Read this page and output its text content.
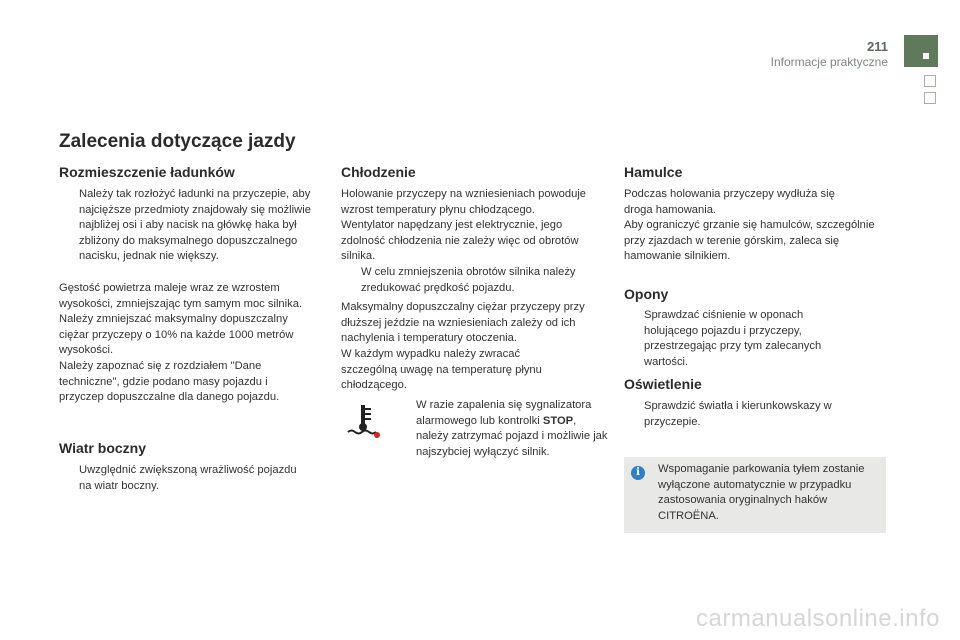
211
Informacje praktyczne
Zalecenia dotyczące jazdy
Rozmieszczenie ładunków
Należy tak rozłożyć ładunki na przyczepie, aby najcięższe przedmioty znajdowały się możliwie najbliżej osi i aby nacisk na główkę haka był zbliżony do maksymalnego dopuszczalnego nacisku, jednak nie większy.

Gęstość powietrza maleje wraz ze wzrostem wysokości, zmniejszając tym samym moc silnika. Należy zmniejszać maksymalny dopuszczalny ciężar przyczepy o 10% na każde 1000 metrów wysokości.

Należy zapoznać się z rozdziałem "Dane techniczne", gdzie podano masy pojazdu i przyczep dopuszczalne dla danego pojazdu.

Wiatr boczny
Uwzględnić zwiększoną wrażliwość pojazdu na wiatr boczny.
Chłodzenie

Holowanie przyczepy na wzniesieniach powoduje wzrost temperatury płynu chłodzącego.

Wentylator napędzany jest elektrycznie, jego zdolność chłodzenia nie zależy więc od obrotów silnika.

W celu zmniejszenia obrotów silnika należy zredukować prędkość pojazdu.

Maksymalny dopuszczalny ciężar przyczepy przy dłuższej jeździe na wzniesieniach zależy od ich nachylenia i temperatury otoczenia.

W każdym wypadku należy zwracać szczególną uwagę na temperaturę płynu chłodzącego.

W razie zapalenia się sygnalizatora alarmowego lub kontrolki STOP, należy zatrzymać pojazd i możliwie jak najszybciej wyłączyć silnik.
Hamulce

Podczas holowania przyczepy wydłuża się droga hamowania.

Aby ograniczyć grzanie się hamulców, szczególnie przy zjazdach w terenie górskim, zaleca się hamowanie silnikiem.

Opony
Sprawdzać ciśnienie w oponach holującego pojazdu i przyczepy, przestrzegając przy tym zalecanych wartości.
Oświetlenie
Sprawdzić światła i kierunkowskazy w przyczepie.
i	Wspomaganie parkowania tyłem zostanie wyłączone automatycznie w przypadku zastosowania oryginalnych haków CITROËNA.
carmanualsonline.info
